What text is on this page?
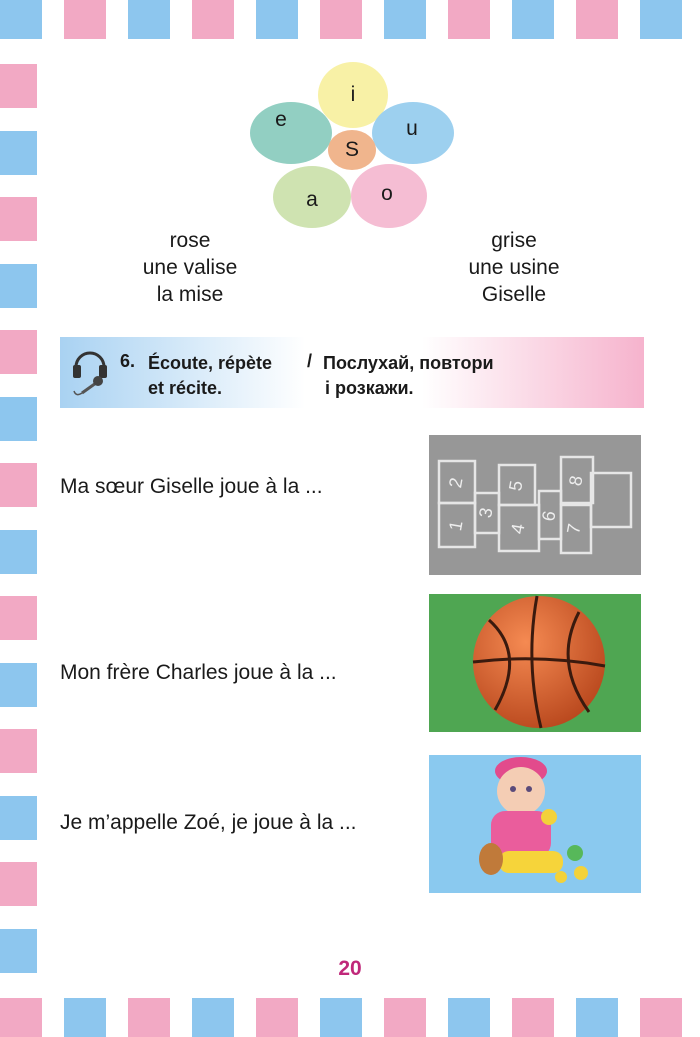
i
e	u
a	o
S
rose
une valise
la mise
grise
une usine
Giselle
6. Écoute, répète
et récite.
/ Послухай, повтори
і розкажи.
Ma sœur Giselle joue à la ...
Mon frère Charles joue à la ...
Je m’appelle Zoé, je joue à la ...
1
2
3
4
5
6
7
8
20
